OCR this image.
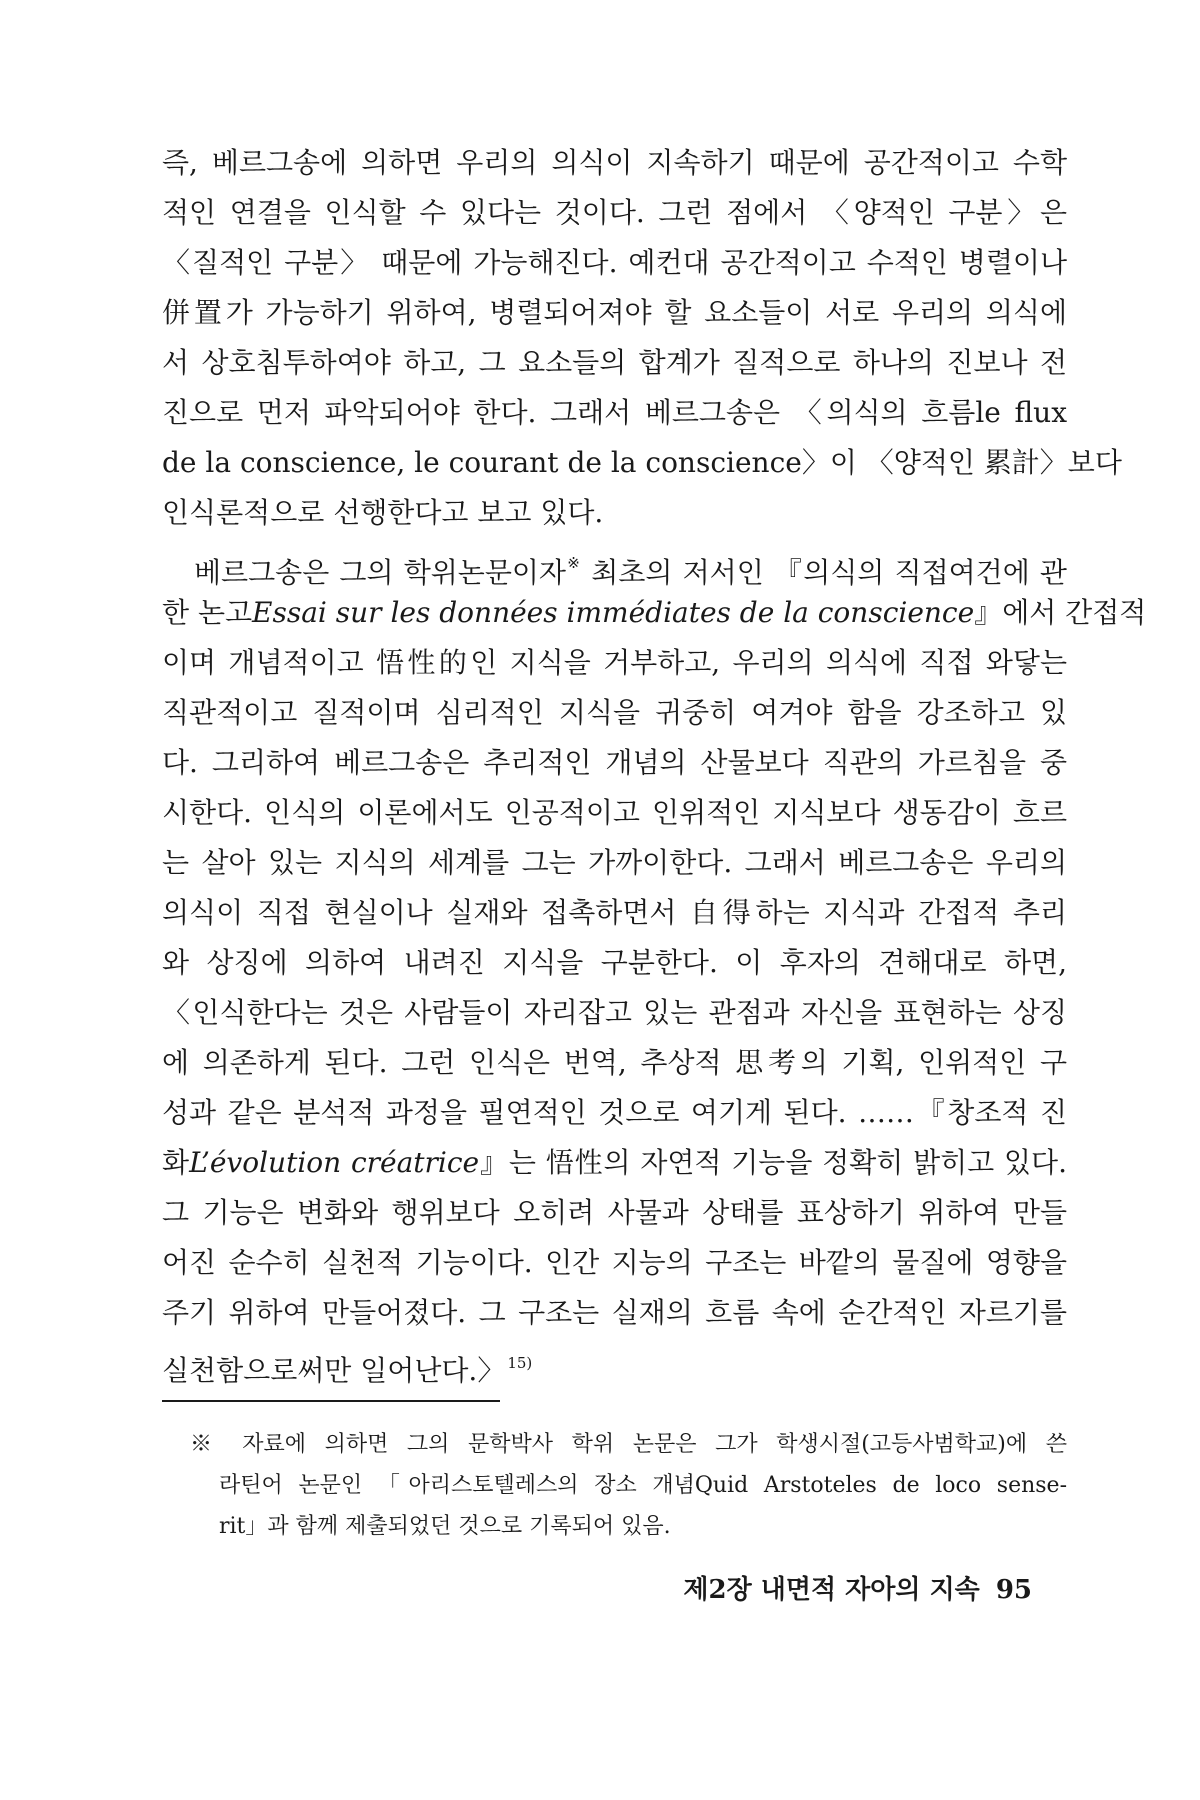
즉, 베르그송에 의하면 우리의 의식이 지속하기 때문에 공간적이고 수학
적인 연결을 인식할 수 있다는 것이다. 그런 점에서 〈양적인 구분〉은
〈질적인 구분〉 때문에 가능해진다. 예컨대 공간적이고 수적인 병렬이나
併置가 가능하기 위하여, 병렬되어져야 할 요소들이 서로 우리의 의식에
서 상호침투하여야 하고, 그 요소들의 합계가 질적으로 하나의 진보나 전
진으로 먼저 파악되어야 한다. 그래서 베르그송은 〈의식의 흐름le flux
de la conscience, le courant de la conscience〉이 〈양적인 累計〉보다
인식론적으로 선행한다고 보고 있다.
베르그송은 그의 학위논문이자※ 최초의 저서인 『의식의 직접여건에 관
한 논고Essai sur les données immédiates de la conscience』에서 간접적
이며 개념적이고 悟性的인 지식을 거부하고, 우리의 의식에 직접 와닿는
직관적이고 질적이며 심리적인 지식을 귀중히 여겨야 함을 강조하고 있
다. 그리하여 베르그송은 추리적인 개념의 산물보다 직관의 가르침을 중
시한다. 인식의 이론에서도 인공적이고 인위적인 지식보다 생동감이 흐르
는 살아 있는 지식의 세계를 그는 가까이한다. 그래서 베르그송은 우리의
의식이 직접 현실이나 실재와 접촉하면서 自得하는 지식과 간접적 추리
와 상징에 의하여 내려진 지식을 구분한다. 이 후자의 견해대로 하면,
〈인식한다는 것은 사람들이 자리잡고 있는 관점과 자신을 표현하는 상징
에 의존하게 된다. 그런 인식은 번역, 추상적 思考의 기획, 인위적인 구
성과 같은 분석적 과정을 필연적인 것으로 여기게 된다. ……『창조적 진
화L’évolution créatrice』는 悟性의 자연적 기능을 정확히 밝히고 있다.
그 기능은 변화와 행위보다 오히려 사물과 상태를 표상하기 위하여 만들
어진 순수히 실천적 기능이다. 인간 지능의 구조는 바깥의 물질에 영향을
주기 위하여 만들어졌다. 그 구조는 실재의 흐름 속에 순간적인 자르기를
실천함으로써만 일어난다.〉 $^{15)}$
※ 자료에 의하면 그의 문학박사 학위 논문은 그가 학생시절(고등사범학교)에 쓴
라틴어 논문인 「아리스토텔레스의 장소 개념Quid Arstoteles de loco sense-
rit」과 함께 제출되었던 것으로 기록되어 있음.
제2장 내면적 자아의 지속 95
